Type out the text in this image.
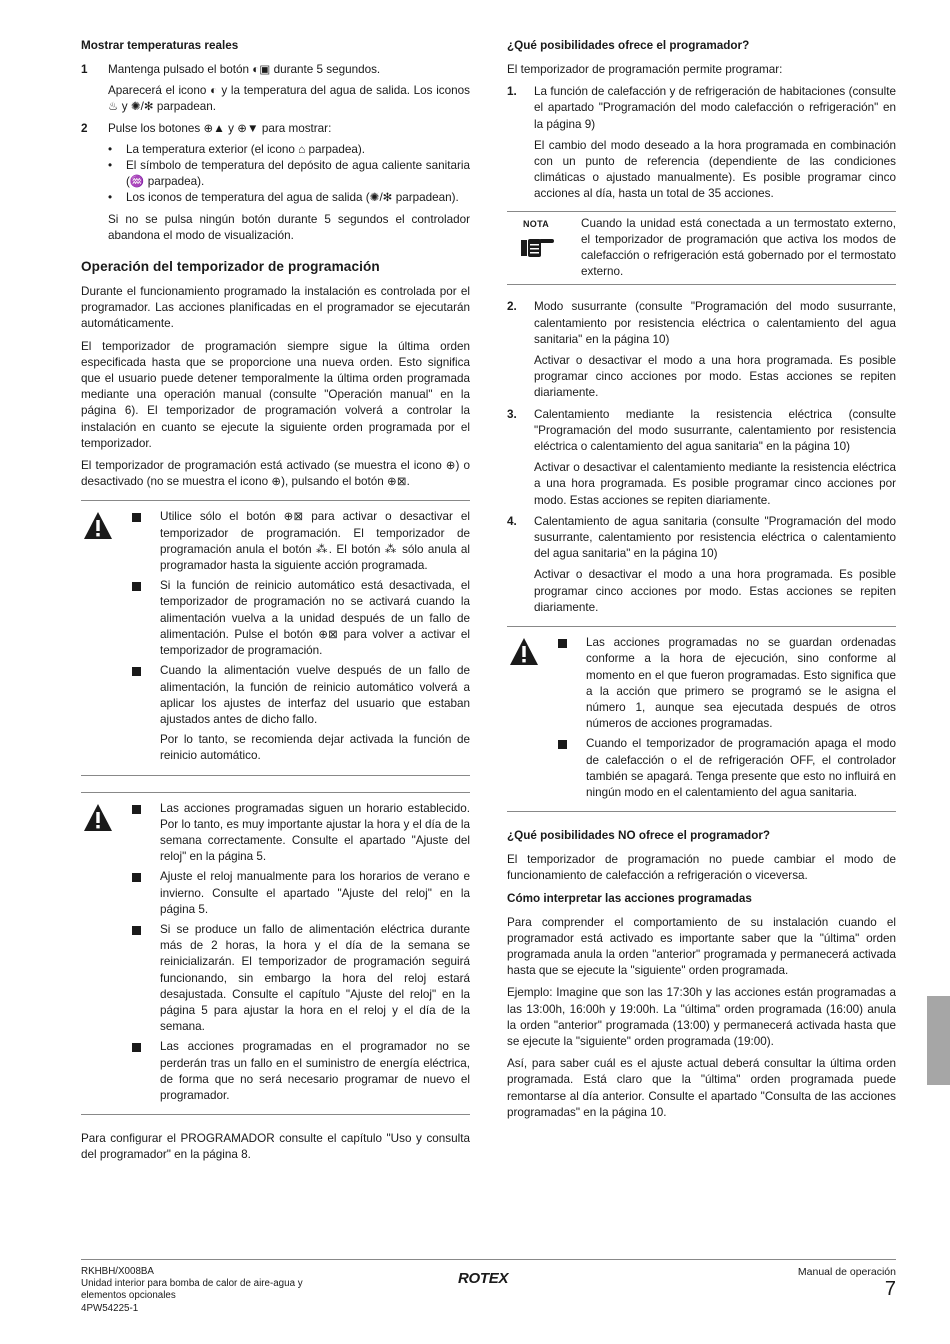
Mostrar temperaturas reales
1 Mantenga pulsado el botón ◐▣ durante 5 segundos.

Aparecerá el icono ◐ y la temperatura del agua de salida. Los iconos ♨ y ✺/✻ parpadean.

2 Pulse los botones ⊕▲ y ⊕▼ para mostrar:

• La temperatura exterior (el icono ⌂ parpadea).
• El símbolo de temperatura del depósito de agua caliente sanitaria (♒ parpadea).
• Los iconos de temperatura del agua de salida (✺/✻ parpadean).

Si no se pulsa ningún botón durante 5 segundos el controlador abandona el modo de visualización.

Operación del temporizador de programación

Durante el funcionamiento programado la instalación es controlada por el programador. Las acciones planificadas en el programador se ejecutarán automáticamente.

El temporizador de programación siempre sigue la última orden especificada hasta que se proporcione una nueva orden. Esto significa que el usuario puede detener temporalmente la última orden programada mediante una operación manual (consulte "Operación manual" en la página 6). El temporizador de programación volverá a controlar la instalación en cuanto se ejecute la siguiente orden programada por el temporizador.

El temporizador de programación está activado (se muestra el icono ⊕) o desactivado (no se muestra el icono ⊕), pulsando el botón ⊕⊠.

Utilice sólo el botón ⊕⊠ para activar o desactivar el temporizador de programación. El temporizador de programación anula el botón ⁂. El botón ⁂ sólo anula al programador hasta la siguiente acción programada.
Si la función de reinicio automático está desactivada, el temporizador de programación no se activará cuando la alimentación vuelva a la unidad después de un fallo de alimentación. Pulse el botón ⊕⊠ para volver a activar el temporizador de programación.
Cuando la alimentación vuelve después de un fallo de alimentación, la función de reinicio automático volverá a aplicar los ajustes de interfaz del usuario que estaban ajustados antes de dicho fallo.
Por lo tanto, se recomienda dejar activada la función de reinicio automático.
Las acciones programadas siguen un horario establecido. Por lo tanto, es muy importante ajustar la hora y el día de la semana correctamente. Consulte el apartado "Ajuste del reloj" en la página 5.
Ajuste el reloj manualmente para los horarios de verano e invierno. Consulte el apartado "Ajuste del reloj" en la página 5.
Si se produce un fallo de alimentación eléctrica durante más de 2 horas, la hora y el día de la semana se reinicializarán. El temporizador de programación seguirá funcionando, sin embargo la hora del reloj estará desajustada. Consulte el capítulo "Ajuste del reloj" en la página 5 para ajustar la hora en el reloj y el día de la semana.
Las acciones programadas en el programador no se perderán tras un fallo en el suministro de energía eléctrica, de forma que no será necesario programar de nuevo el programador.

Para configurar el PROGRAMADOR consulte el capítulo "Uso y consulta del programador" en la página 8.

¿Qué posibilidades ofrece el programador?

El temporizador de programación permite programar:

1. La función de calefacción y de refrigeración de habitaciones (consulte el apartado "Programación del modo calefacción o refrigeración" en la página 9)

El cambio del modo deseado a la hora programada en combinación con un punto de referencia (dependiente de las condiciones climáticas o ajustado manualmente). Es posible programar cinco acciones al día, hasta un total de 35 acciones.

NOTA	Cuando la unidad está conectada a un termostato externo, el temporizador de programación que activa los modos de calefacción o refrigeración está gobernado por el termostato externo.

2. Modo susurrante (consulte "Programación del modo susurrante, calentamiento por resistencia eléctrica o calentamiento del agua sanitaria" en la página 10)

Activar o desactivar el modo a una hora programada. Es posible programar cinco acciones por modo. Estas acciones se repiten diariamente.

3. Calentamiento mediante la resistencia eléctrica (consulte "Programación del modo susurrante, calentamiento por resistencia eléctrica o calentamiento del agua sanitaria" en la página 10)

Activar o desactivar el calentamiento mediante la resistencia eléctrica a una hora programada. Es posible programar cinco acciones por modo. Estas acciones se repiten diariamente.

4. Calentamiento de agua sanitaria (consulte "Programación del modo susurrante, calentamiento por resistencia eléctrica o calentamiento del agua sanitaria" en la página 10)

Activar o desactivar el modo a una hora programada. Es posible programar cinco acciones por modo. Estas acciones se repiten diariamente.

Las acciones programadas no se guardan ordenadas conforme a la hora de ejecución, sino conforme al momento en el que fueron programadas. Esto significa que a la acción que primero se programó se le asigna el número 1, aunque sea ejecutada después de otros números de acciones programadas.
Cuando el temporizador de programación apaga el modo de calefacción o el de refrigeración OFF, el controlador también se apagará. Tenga presente que esto no influirá en ningún modo en el calentamiento del agua sanitaria.
¿Qué posibilidades NO ofrece el programador?

El temporizador de programación no puede cambiar el modo de funcionamiento de calefacción a refrigeración o viceversa.

Cómo interpretar las acciones programadas

Para comprender el comportamiento de su instalación cuando el programador está activado es importante saber que la "última" orden programada anula la orden "anterior" programada y permanecerá activada hasta que se ejecute la "siguiente" orden programada.

Ejemplo: Imagine que son las 17:30h y las acciones están programadas a las 13:00h, 16:00h y 19:00h. La "última" orden programada (16:00) anula la orden "anterior" programada (13:00) y permanecerá activada hasta que se ejecute la "siguiente" orden programada (19:00).

Así, para saber cuál es el ajuste actual deberá consultar la última orden programada. Está claro que la "última" orden programada puede remontarse al día anterior. Consulte el apartado "Consulta de las acciones programadas" en la página 10.

RKHBH/X008BA
Unidad interior para bomba de calor de aire-agua y
elementos opcionales
4PW54225-1
ROTEX	Manual de operación
7
